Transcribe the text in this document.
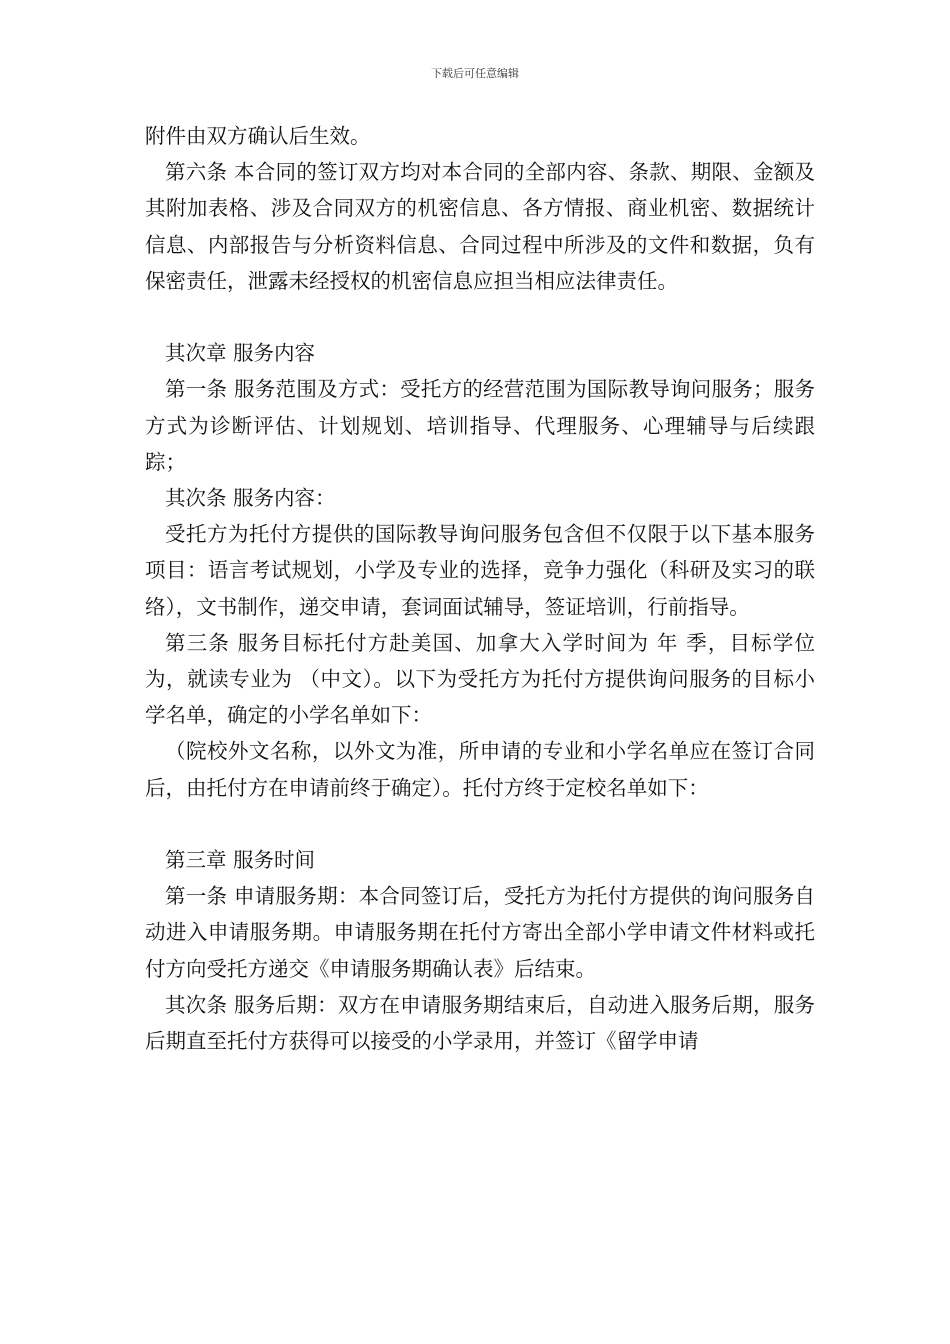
下载后可任意编辑

附件由双方确认后生效。

第六条 本合同的签订双方均对本合同的全部内容、条款、期限、金额及其附加表格、涉及合同双方的机密信息、各方情报、商业机密、数据统计信息、内部报告与分析资料信息、合同过程中所涉及的文件和数据，负有保密责任，泄露未经授权的机密信息应担当相应法律责任。

其次章 服务内容

第一条 服务范围及方式：受托方的经营范围为国际教导询问服务；服务方式为诊断评估、计划规划、培训指导、代理服务、心理辅导与后续跟踪；

其次条 服务内容：

受托方为托付方提供的国际教导询问服务包含但不仅限于以下基本服务项目：语言考试规划，小学及专业的选择，竞争力强化（科研及实习的联络），文书制作，递交申请，套词面试辅导，签证培训，行前指导。

第三条 服务目标托付方赴美国、加拿大入学时间为 年 季，目标学位为，就读专业为 （中文）。以下为受托方为托付方提供询问服务的目标小学名单，确定的小学名单如下：

（院校外文名称，以外文为准，所申请的专业和小学名单应在签订合同后，由托付方在申请前终于确定）。托付方终于定校名单如下：

第三章 服务时间

第一条 申请服务期：本合同签订后，受托方为托付方提供的询问服务自动进入申请服务期。申请服务期在托付方寄出全部小学申请文件材料或托付方向受托方递交《申请服务期确认表》后结束。

其次条 服务后期：双方在申请服务期结束后，自动进入服务后期，服务后期直至托付方获得可以接受的小学录用，并签订《留学申请
